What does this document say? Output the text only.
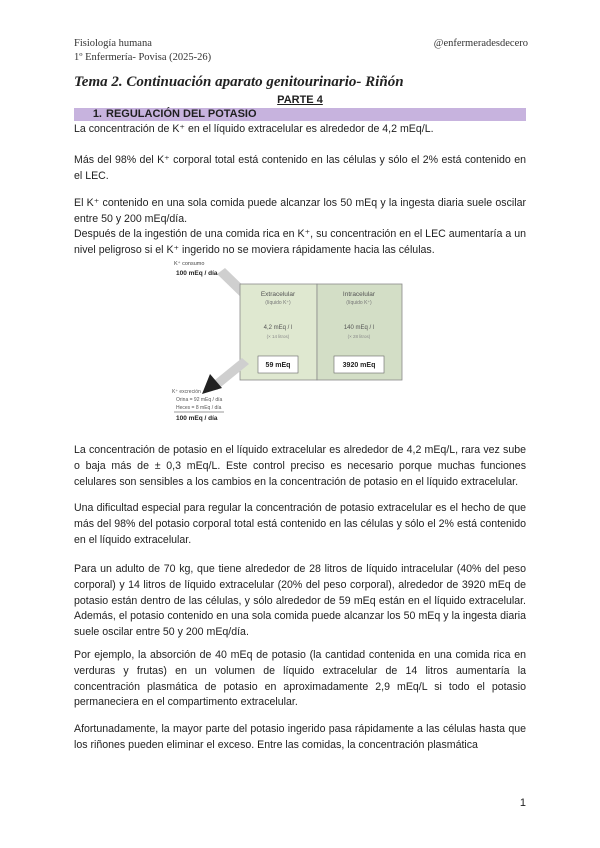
Fisiología humana
1º Enfermería- Povisa (2025-26)
@enfermeradesdecero
Tema 2. Continuación aparato genitourinario- Riñón
PARTE 4
1. REGULACIÓN DEL POTASIO
La concentración de K⁺ en el líquido extracelular es alrededor de 4,2 mEq/L.
Más del 98% del K⁺ corporal total está contenido en las células y sólo el 2% está contenido en el LEC.
El K⁺ contenido en una sola comida puede alcanzar los 50 mEq y la ingesta diaria suele oscilar entre 50 y 200 mEq/día.
Después de la ingestión de una comida rica en K⁺, su concentración en el LEC aumentaría a un nivel peligroso si el K⁺ ingerido no se moviera rápidamente hacia las células.
K⁺ consumo
100 mEq / día
Extracelular
(líquido K⁺)
4,2 mEq / l
(× 14 litros)
59 mEq
Intracelular
(líquido K⁺)
140 mEq / l
(× 28 litros)
3920 mEq
K⁺ excreción
Orina = 92 mEq / día
Heces = 8 mEq / día
100 mEq / día
La concentración de potasio en el líquido extracelular es alrededor de 4,2 mEq/L, rara vez sube o baja más de ± 0,3 mEq/L. Este control preciso es necesario porque muchas funciones celulares son sensibles a los cambios en la concentración de potasio en el líquido extracelular.
Una dificultad especial para regular la concentración de potasio extracelular es el hecho de que más del 98% del potasio corporal total está contenido en las células y sólo el 2% está contenido en el líquido extracelular.
Para un adulto de 70 kg, que tiene alrededor de 28 litros de líquido intracelular (40% del peso corporal) y 14 litros de líquido extracelular (20% del peso corporal), alrededor de 3920 mEq de potasio están dentro de las células, y sólo alrededor de 59 mEq están en el líquido extracelular. Además, el potasio contenido en una sola comida puede alcanzar los 50 mEq y la ingesta diaria suele oscilar entre 50 y 200 mEq/día.
Por ejemplo, la absorción de 40 mEq de potasio (la cantidad contenida en una comida rica en verduras y frutas) en un volumen de líquido extracelular de 14 litros aumentaría la concentración plasmática de potasio en aproximadamente 2,9 mEq/L si todo el potasio permaneciera en el compartimento extracelular.
Afortunadamente, la mayor parte del potasio ingerido pasa rápidamente a las células hasta que los riñones pueden eliminar el exceso. Entre las comidas, la concentración plasmática
1
